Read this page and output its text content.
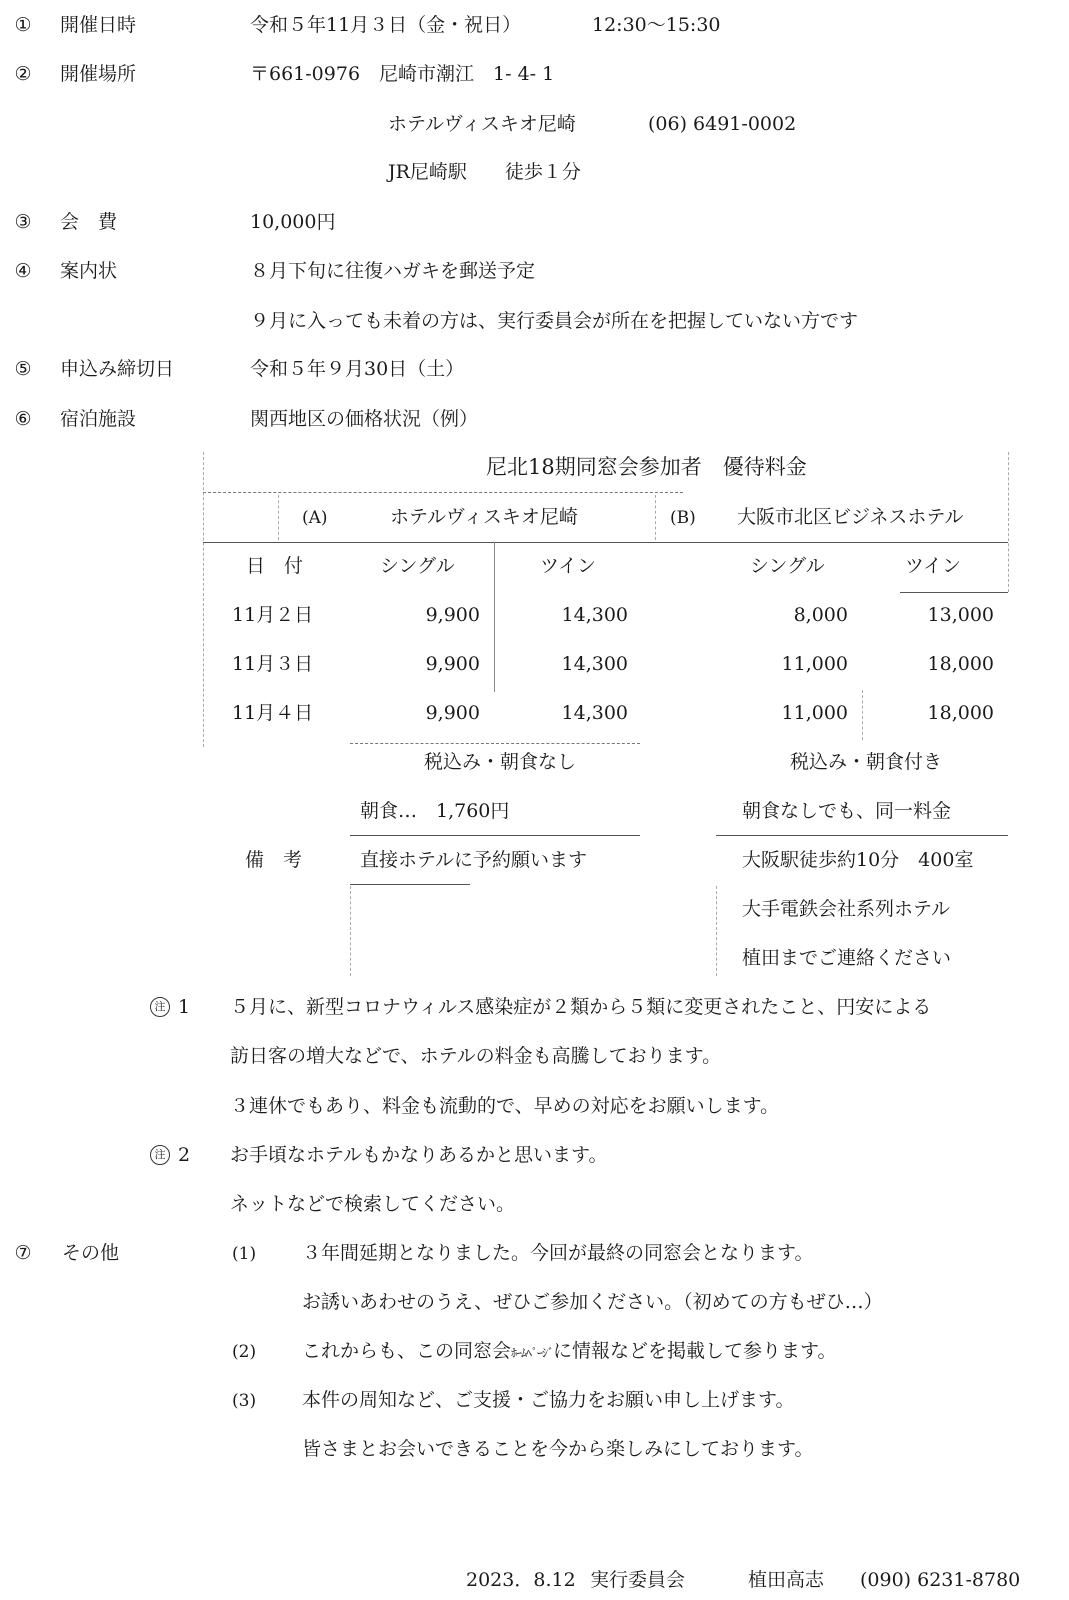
① 開催日時	令和５年11月３日（金・祝日）	12:30～15:30
② 開催場所	〒661-0976　尼崎市潮江　1- 4- 1
ホテルヴィスキオ尼崎	(06) 6491-0002
JR尼崎駅　　徒歩１分
③ 会　費	10,000円
④ 案内状	８月下旬に往復ハガキを郵送予定
９月に入っても未着の方は、実行委員会が所在を把握していない方です
⑤ 申込み締切日	令和５年９月30日（土）
⑥ 宿泊施設	関西地区の価格状況（例）
尼北18期同窓会参加者　優待料金
(A)	ホテルヴィスキオ尼崎	(B) 大阪市北区ビジネスホテル
日　付	シングル	ツイン	シングル	ツイン
11月２日	9,900	14,300	8,000	13,000
11月３日	9,900	14,300	11,000	18,000
11月４日	9,900	14,300	11,000	18,000
税込み・朝食なし	税込み・朝食付き
備　考
朝食…　1,760円
直接ホテルに予約願います
朝食なしでも、同一料金
大阪駅徒歩約10分　400室
大手電鉄会社系列ホテル
植田までご連絡ください
注 1 ５月に、新型コロナウィルス感染症が２類から５類に変更されたこと、円安による
訪日客の増大などで、ホテルの料金も高騰しております。
３連休でもあり、料金も流動的で、早めの対応をお願いします。
注 2 お手頃なホテルもかなりあるかと思います。
ネットなどで検索してください。
⑦ その他	(1) ３年間延期となりました。今回が最終の同窓会となります。
お誘いあわせのうえ、ぜひご参加ください。（初めての方もぜひ…）
(2) これからも、この同窓会ﾎｰﾑﾍﾟｰｼﾞに情報などを掲載して参ります。
(3) 本件の周知など、ご支援・ご協力をお願い申し上げます。
皆さまとお会いできることを今から楽しみにしております。
2023．8.12 実行委員会	植田高志 (090) 6231-8780
